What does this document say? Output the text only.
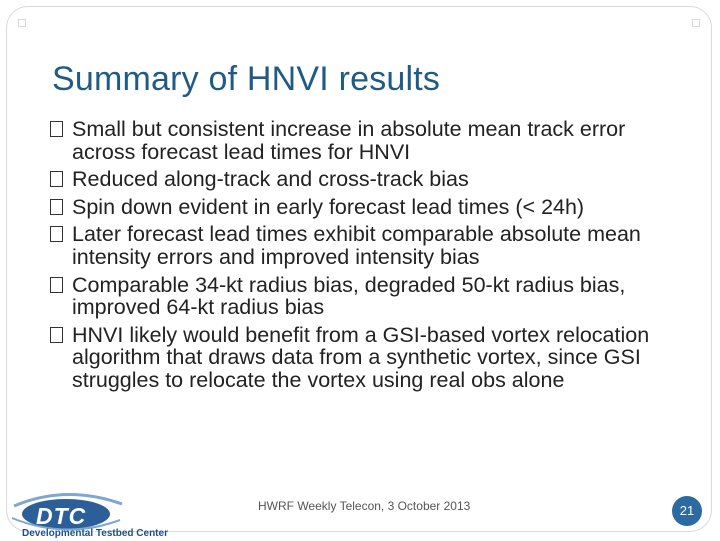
◻	◻
Summary of HNVI results
Small but consistent increase in absolute mean track error across forecast lead times for HNVI
Reduced along-track and cross-track bias
Spin down evident in early forecast lead times (< 24h)
Later forecast lead times exhibit comparable absolute mean intensity errors and improved intensity bias
Comparable 34-kt radius bias, degraded 50-kt radius bias, improved 64-kt radius bias
HNVI likely would benefit from a GSI-based vortex relocation algorithm that draws data from a synthetic vortex, since GSI struggles to relocate the vortex using real obs alone
DTC
Developmental Testbed Center
HWRF Weekly Telecon, 3 October 2013	21
